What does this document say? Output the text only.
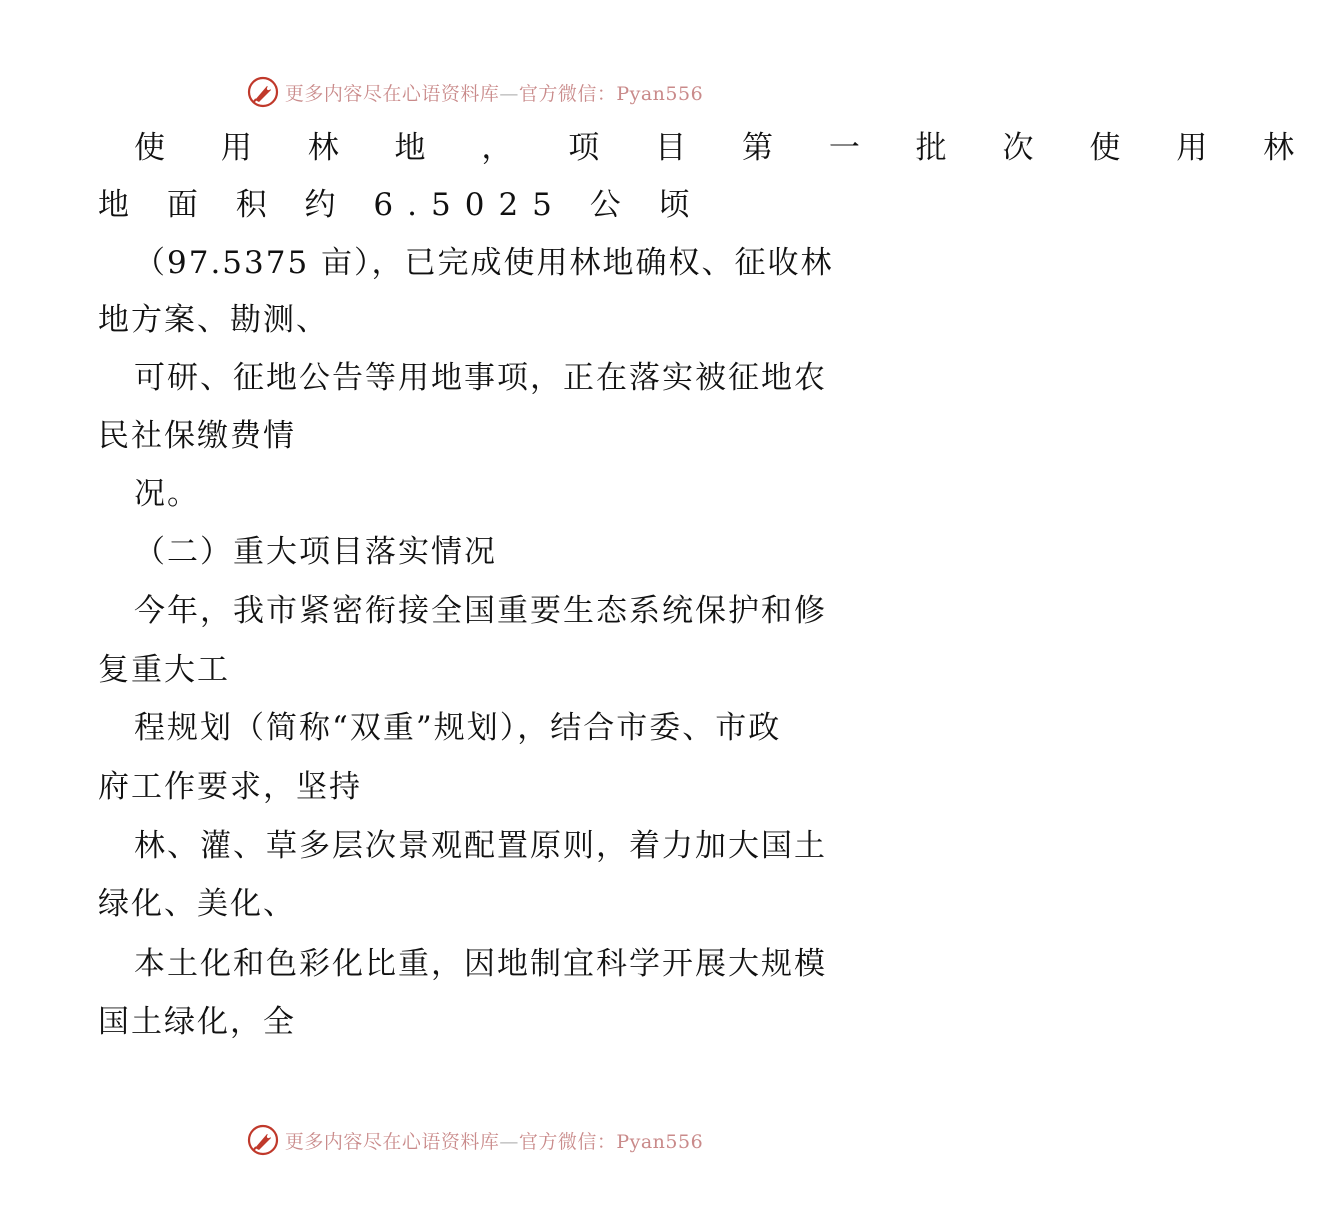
更多内容尽在心语资料库—官方微信：Pyan556
使 用 林 地 ， 项 目 第 一 批 次 使 用 林
地 面 积 约 6.5025 公 顷
（97.5375 亩），已完成使用林地确权、征收林
地方案、勘测、
可研、征地公告等用地事项，正在落实被征地农
民社保缴费情
况。
（二）重大项目落实情况
今年，我市紧密衔接全国重要生态系统保护和修
复重大工
程规划（简称“双重”规划），结合市委、市政
府工作要求，坚持
林、灌、草多层次景观配置原则，着力加大国土
绿化、美化、
本土化和色彩化比重，因地制宜科学开展大规模
国土绿化，全
更多内容尽在心语资料库—官方微信：Pyan556
